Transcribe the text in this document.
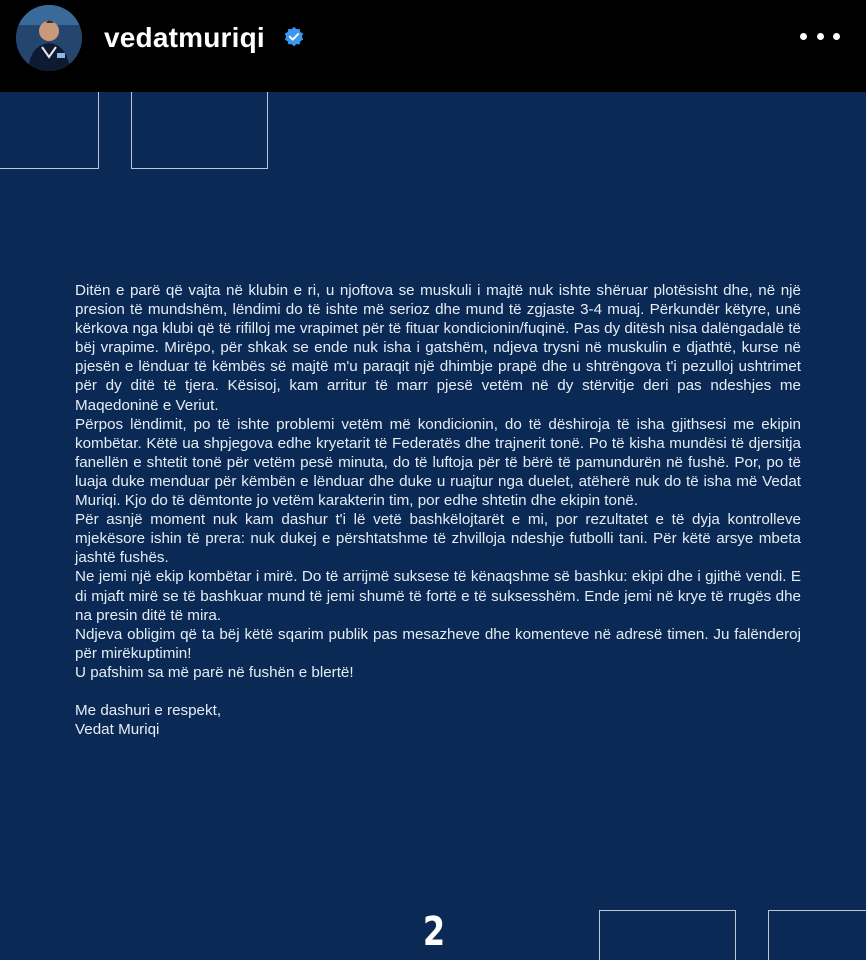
vedatmuriqi

Ditën e parë që vajta në klubin e ri, u njoftova se muskuli i majtë nuk ishte shëruar plotësisht dhe, në një presion të mundshëm, lëndimi do të ishte më serioz dhe mund të zgjaste 3-4 muaj. Përkundër këtyre, unë kërkova nga klubi që të rifilloj me vrapimet për të fituar kondicionin/fuqinë. Pas dy ditësh nisa dalëngadalë të bëj vrapime. Mirëpo, për shkak se ende nuk isha i gatshëm, ndjeva trysni në muskulin e djathtë, kurse në pjesën e lënduar të këmbës së majtë m'u paraqit një dhimbje prapë dhe u shtrëngova t'i pezulloj ushtrimet për dy ditë të tjera. Kësisoj, kam arritur të marr pjesë vetëm në dy stërvitje deri pas ndeshjes me Maqedoninë e Veriut.

Përpos lëndimit, po të ishte problemi vetëm më kondicionin, do të dëshiroja të isha gjithsesi me ekipin kombëtar. Këtë ua shpjegova edhe kryetarit të Federatës dhe trajnerit tonë. Po të kisha mundësi të djersitja fanellën e shtetit tonë për vetëm pesë minuta, do të luftoja për të bërë të pamundurën në fushë. Por, po të luaja duke menduar për këmbën e lënduar dhe duke u ruajtur nga duelet, atëherë nuk do të isha më Vedat Muriqi. Kjo do të dëmtonte jo vetëm karakterin tim, por edhe shtetin dhe ekipin tonë.

Për asnjë moment nuk kam dashur t'i lë vetë bashkëlojtarët e mi, por rezultatet e të dyja kontrolleve mjekësore ishin të prera: nuk dukej e përshtatshme të zhvilloja ndeshje futbolli tani. Për këtë arsye mbeta jashtë fushës.

Ne jemi një ekip kombëtar i mirë. Do të arrijmë suksese të kënaqshme së bashku: ekipi dhe i gjithë vendi. E di mjaft mirë se të bashkuar mund të jemi shumë të fortë e të suksesshëm. Ende jemi në krye të rrugës dhe na presin ditë të mira.

Ndjeva obligim që ta bëj këtë sqarim publik pas mesazheve dhe komenteve në adresë timen. Ju falënderoj për mirëkuptimin!

U pafshim sa më parë në fushën e blertë!

Me dashuri e respekt,
Vedat Muriqi
2
